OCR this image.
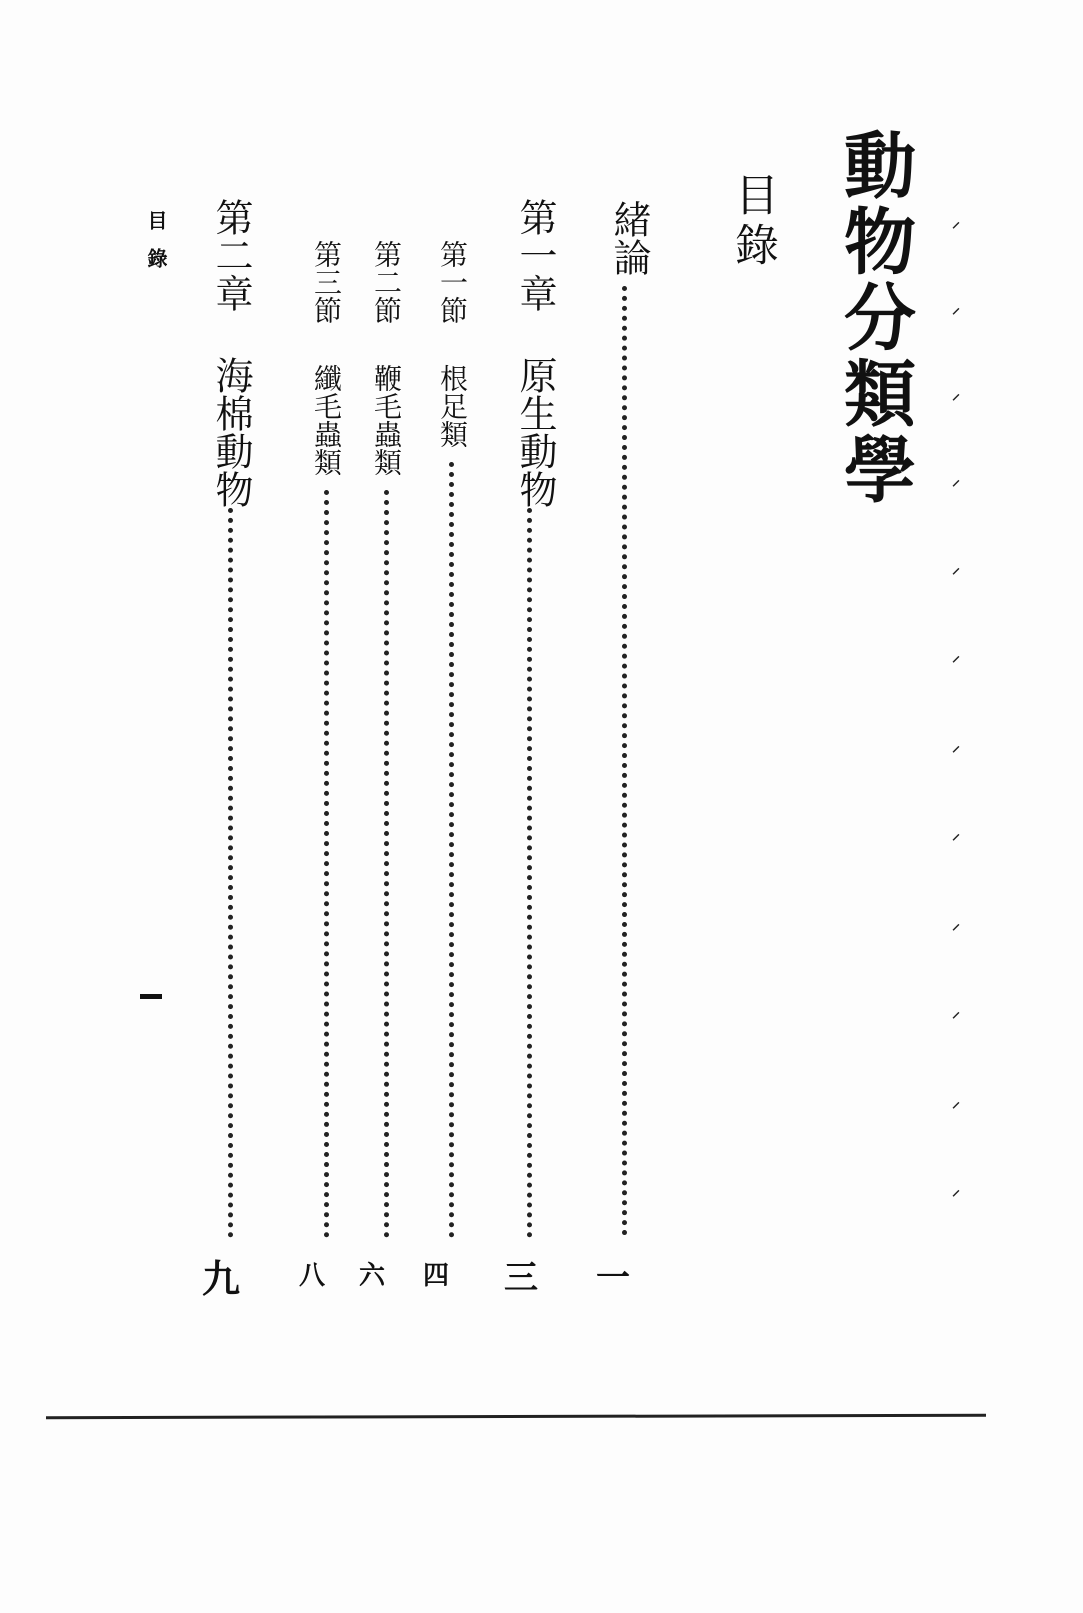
動物分類學
目錄
目錄	緒論
一
第一章原生動物
三
第一節根足類
四
第二節鞭毛蟲類
六
第三節纖毛蟲類
八
第二章海棉動物
九
⸝
⸝
⸝
⸝
⸝
⸝
⸝
⸝
⸝
⸝
⸝
⸝
